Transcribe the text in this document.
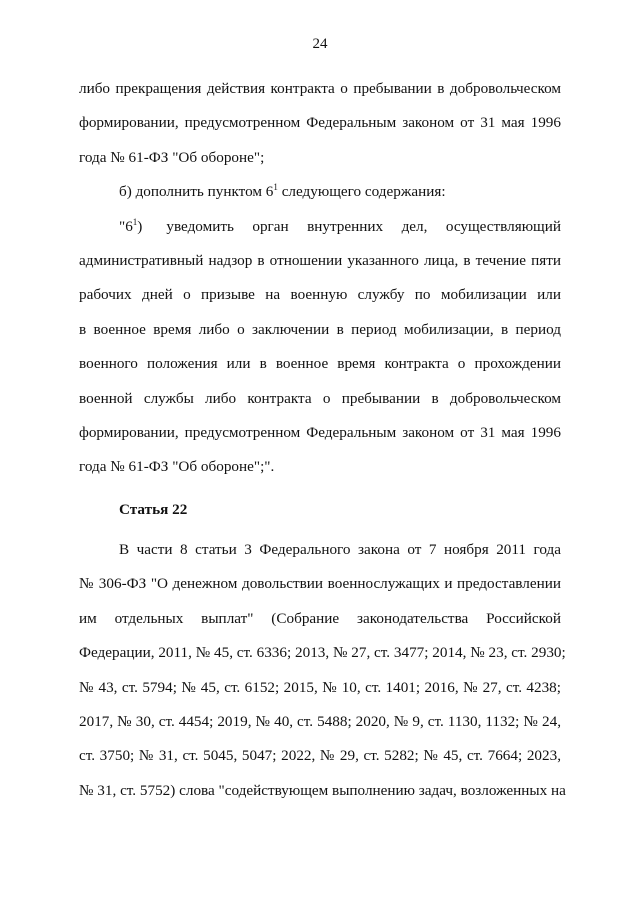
24
либо прекращения действия контракта о пребывании в добровольческом
формировании, предусмотренном Федеральным законом от 31 мая 1996
года № 61-ФЗ "Об обороне";
б) дополнить пунктом $6^1$ следующего содержания:
"$6^1$)	уведомить орган внутренних дел, осуществляющий
административный надзор в отношении указанного лица, в течение пяти
рабочих дней о призыве на военную службу по мобилизации или
в военное время либо о заключении в период мобилизации, в период
военного положения или в военное время контракта о прохождении
военной службы либо контракта о пребывании в добровольческом
формировании, предусмотренном Федеральным законом от 31 мая 1996
года № 61-ФЗ "Об обороне";".
Статья 22
В части 8 статьи 3 Федерального закона от 7 ноября 2011 года
№ 306-ФЗ "О денежном довольствии военнослужащих и предоставлении
им отдельных выплат" (Собрание законодательства Российской
Федерации, 2011, № 45, ст. 6336; 2013, № 27, ст. 3477; 2014, № 23, ст. 2930;
№ 43, ст. 5794; № 45, ст. 6152; 2015, № 10, ст. 1401; 2016, № 27, ст. 4238;
2017, № 30, ст. 4454; 2019, № 40, ст. 5488; 2020, № 9, ст. 1130, 1132; № 24,
ст. 3750; № 31, ст. 5045, 5047; 2022, № 29, ст. 5282; № 45, ст. 7664; 2023,
№ 31, ст. 5752) слова "содействующем выполнению задач, возложенных на
